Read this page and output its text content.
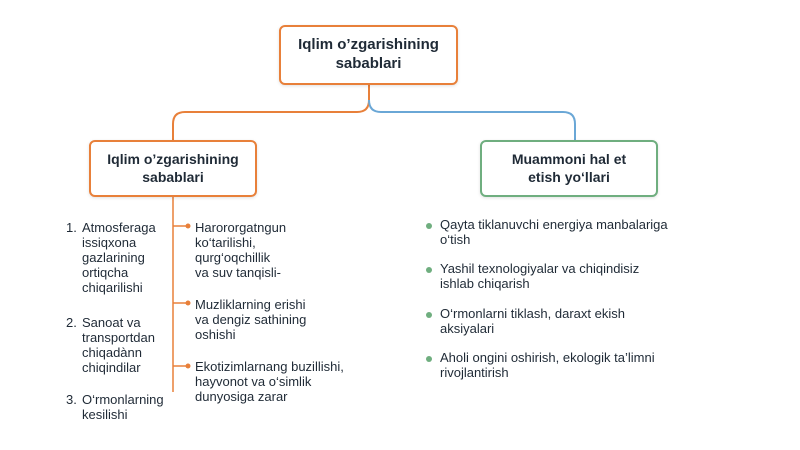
Iqlim o’zgarishining
sabablari
Iqlim o’zgarishining
sabablari
Muammoni hal et
etish yo‘llari
1. Atmosferaga
issiqxona
gazlarining
ortiqcha
chiqarilishi
2. Sanoat va
transportdan
chiqadànn
chiqindilar
3. O‘rmonlarning
kesilishi
Harororgatngun
ko‘tarilishi,
qurg‘oqchillik
va suv tanqisli-
Muzliklarning erishi
va dengiz sathining
oshishi
Ekotizimlarnang buzillishi,
hayvonot va o‘simlik
dunyosiga zarar
Qayta tiklanuvchi energiya manbalariga
o‘tish
Yashil texnologiyalar va chiqindisiz
ishlab chiqarish
O‘rmonlarni tiklash, daraxt ekish
aksiyalari
Aholi ongini oshirish, ekologik ta’limni
rivojlantirish
